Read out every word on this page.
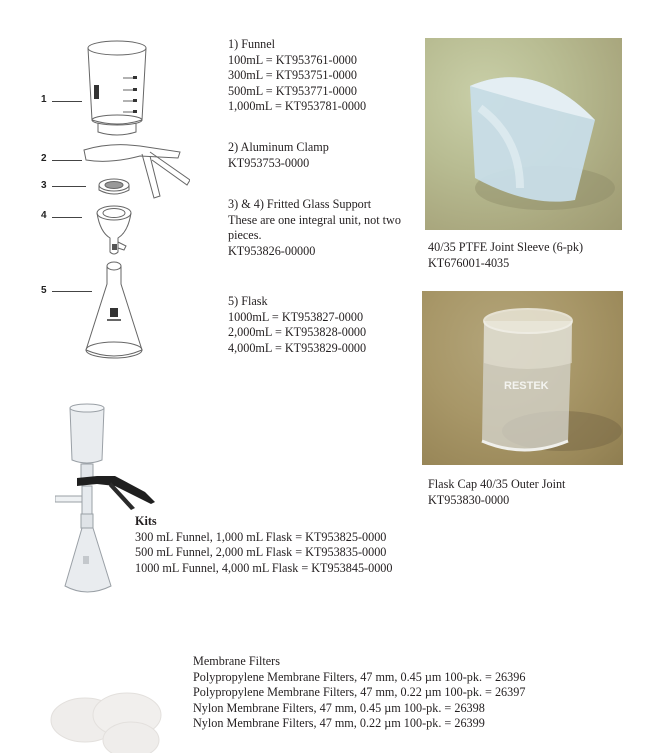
1
2
3
4
5
1) Funnel
100mL = KT953761-0000
300mL = KT953751-0000
500mL = KT953771-0000
1,000mL = KT953781-0000
2) Aluminum Clamp
KT953753-0000
3) & 4) Fritted Glass Support
These are one integral unit, not two pieces.
KT953826-00000
5) Flask
1000mL = KT953827-0000
2,000mL = KT953828-0000
4,000mL = KT953829-0000
40/35 PTFE Joint Sleeve (6-pk)
KT676001-4035
RESTEK
Flask Cap 40/35 Outer Joint
KT953830-0000
Kits
300 mL Funnel, 1,000 mL Flask = KT953825-0000
500 mL Funnel, 2,000 mL Flask = KT953835-0000
1000 mL Funnel, 4,000 mL Flask = KT953845-0000
Membrane Filters
Polypropylene Membrane Filters, 47 mm, 0.45 µm 100-pk. = 26396
Polypropylene Membrane Filters, 47 mm, 0.22 µm 100-pk. = 26397
Nylon Membrane Filters, 47 mm, 0.45 µm 100-pk. = 26398
Nylon Membrane Filters, 47 mm, 0.22 µm 100-pk. = 26399
